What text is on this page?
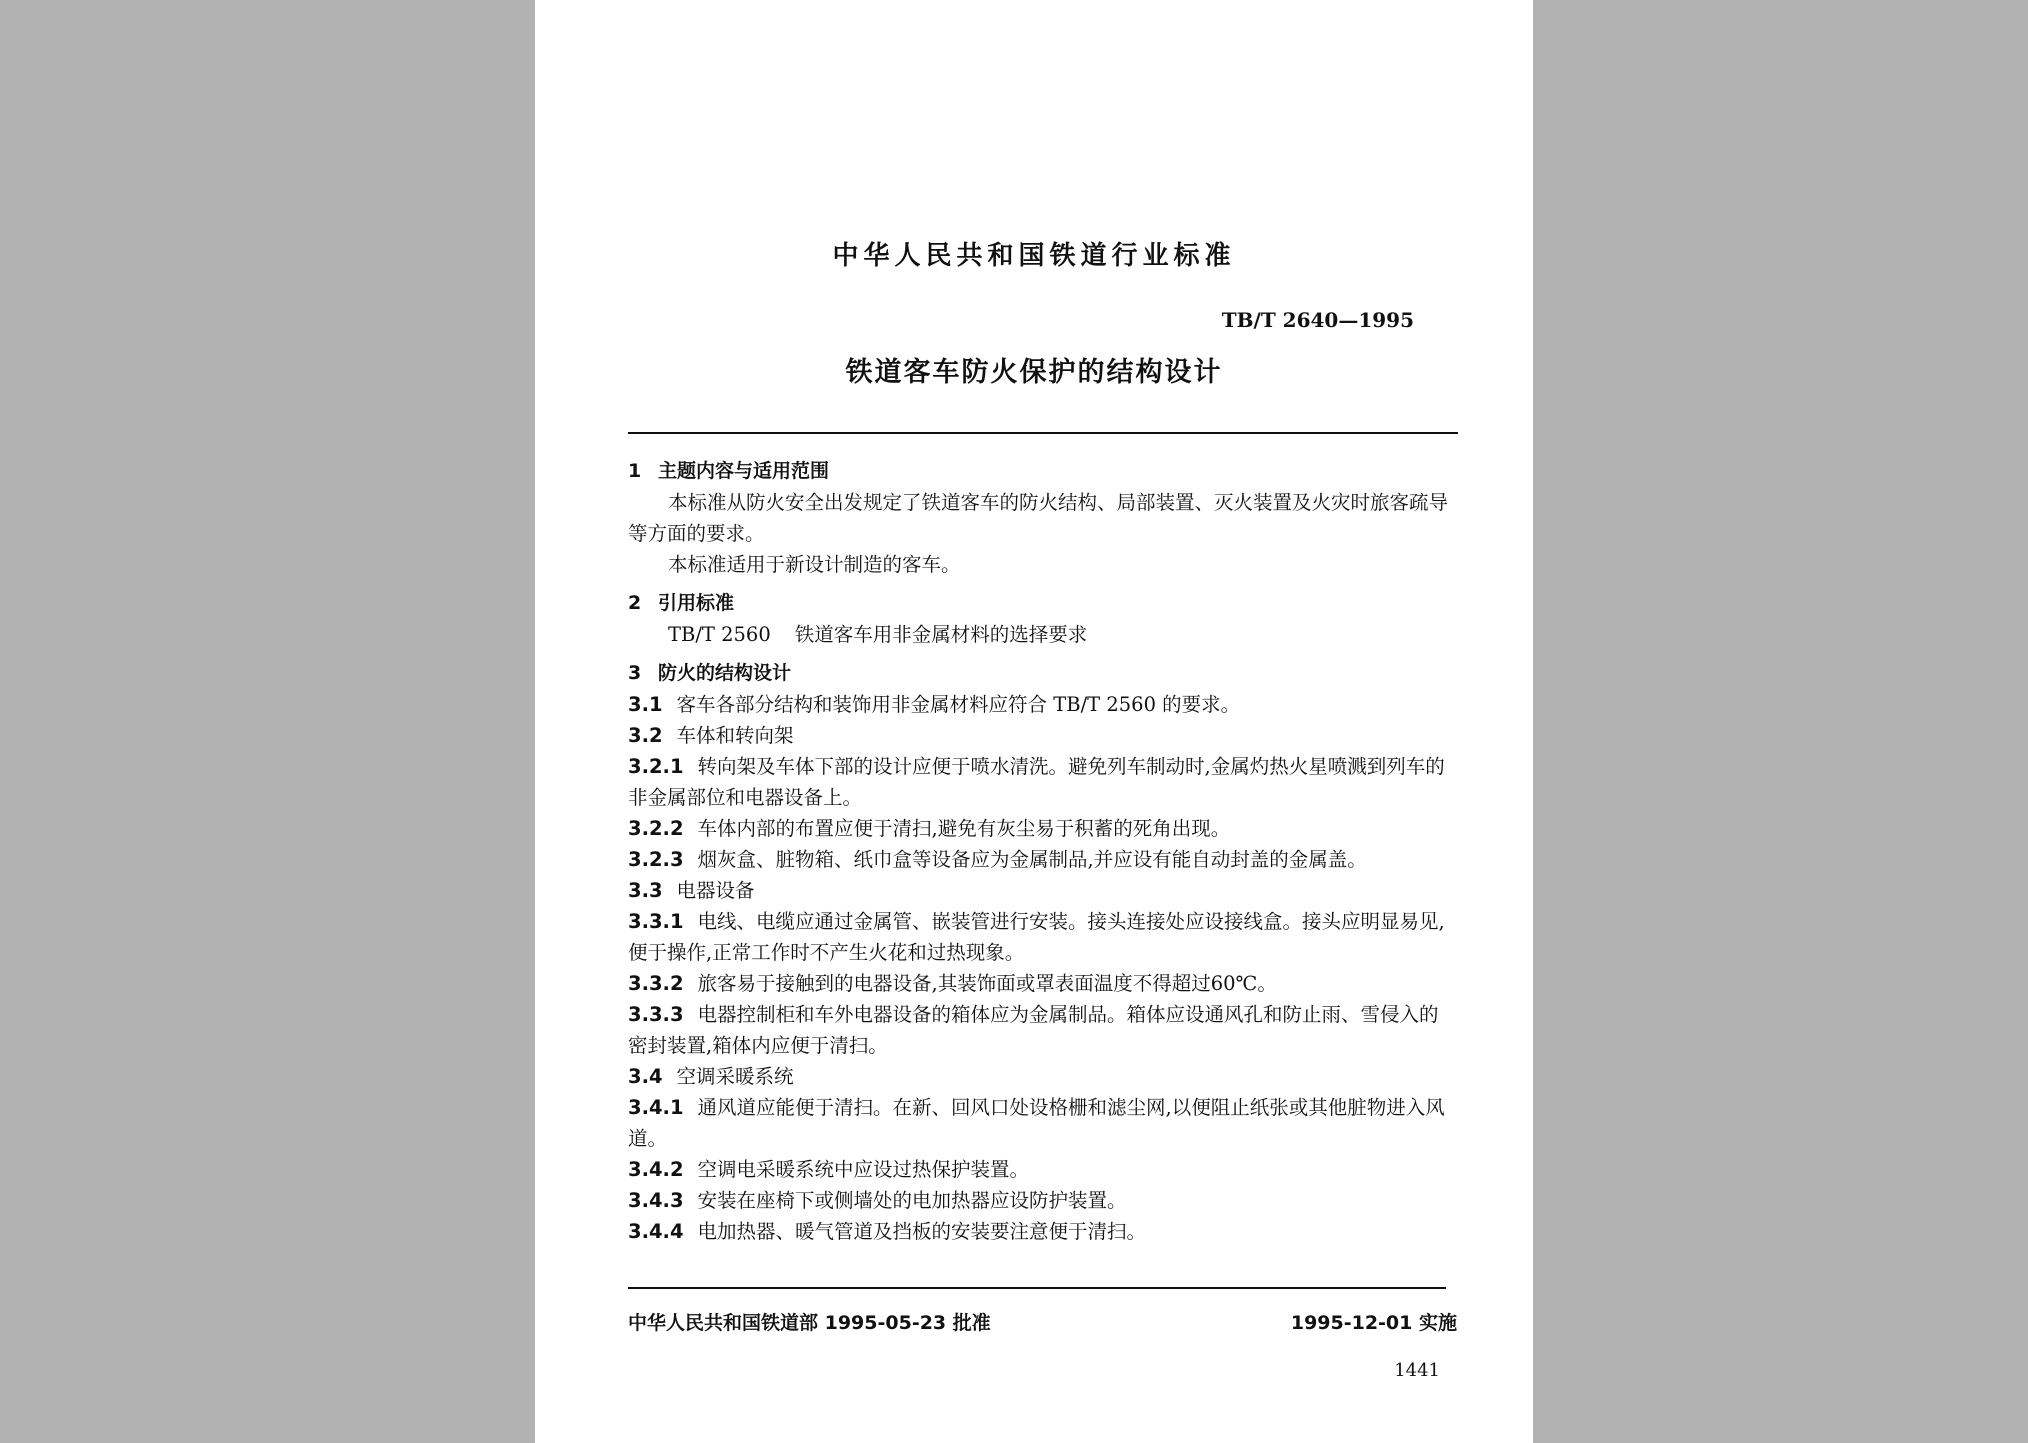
中华人民共和国铁道行业标准
TB/T 2640—1995
铁道客车防火保护的结构设计

1 主题内容与适用范围

本标准从防火安全出发规定了铁道客车的防火结构、局部装置、灭火装置及火灾时旅客疏导等方面的要求。

本标准适用于新设计制造的客车。

2 引用标准

TB/T 2560 铁道客车用非金属材料的选择要求

3 防火的结构设计

3.1 客车各部分结构和装饰用非金属材料应符合 TB/T 2560 的要求。

3.2 车体和转向架

3.2.1 转向架及车体下部的设计应便于喷水清洗。避免列车制动时,金属灼热火星喷溅到列车的非金属部位和电器设备上。

3.2.2 车体内部的布置应便于清扫,避免有灰尘易于积蓄的死角出现。

3.2.3 烟灰盒、脏物箱、纸巾盒等设备应为金属制品,并应设有能自动封盖的金属盖。

3.3 电器设备

3.3.1 电线、电缆应通过金属管、嵌装管进行安装。接头连接处应设接线盒。接头应明显易见,便于操作,正常工作时不产生火花和过热现象。

3.3.2 旅客易于接触到的电器设备,其装饰面或罩表面温度不得超过60℃。

3.3.3 电器控制柜和车外电器设备的箱体应为金属制品。箱体应设通风孔和防止雨、雪侵入的密封装置,箱体内应便于清扫。

3.4 空调采暖系统

3.4.1 通风道应能便于清扫。在新、回风口处设格栅和滤尘网,以便阻止纸张或其他脏物进入风道。

3.4.2 空调电采暖系统中应设过热保护装置。

3.4.3 安装在座椅下或侧墙处的电加热器应设防护装置。

3.4.4 电加热器、暖气管道及挡板的安装要注意便于清扫。

中华人民共和国铁道部 1995-05-23 批准	1995-12-01 实施
1441
